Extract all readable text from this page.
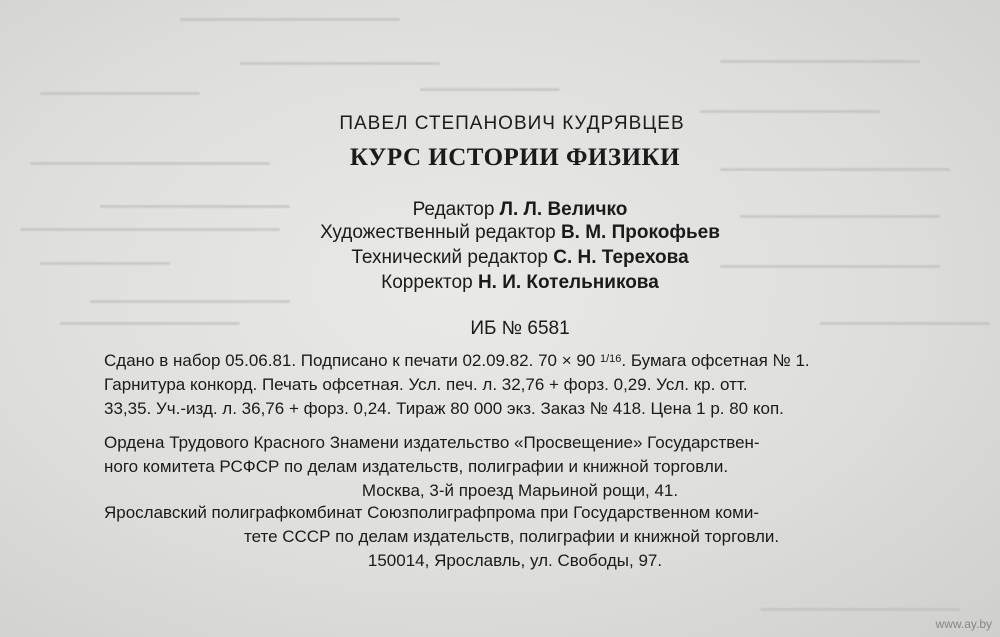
ПАВЕЛ СТЕПАНОВИЧ КУДРЯВЦЕВ
КУРС ИСТОРИИ ФИЗИКИ
Редактор Л. Л. Величко
Художественный редактор В. М. Прокофьев
Технический редактор С. Н. Терехова
Корректор Н. И. Котельникова
ИБ № 6581
Сдано в набор 05.06.81. Подписано к печати 02.09.82. 70 × 90 $^{1/16}$. Бумага офсетная № 1.
Гарнитура конкорд. Печать офсетная. Усл. печ. л. 32,76 + форз. 0,29. Усл. кр. отт.
33,35. Уч.-изд. л. 36,76 + форз. 0,24. Тираж 80 000 экз. Заказ № 418. Цена 1 р. 80 коп.
Ордена Трудового Красного Знамени издательство «Просвещение» Государствен-
ного комитета РСФСР по делам издательств, полиграфии и книжной торговли.
Москва, 3-й проезд Марьиной рощи, 41.
Ярославский полиграфкомбинат Союзполиграфпрома при Государственном коми-
тете СССР по делам издательств, полиграфии и книжной торговли.
150014, Ярославль, ул. Свободы, 97.
www.ay.by
